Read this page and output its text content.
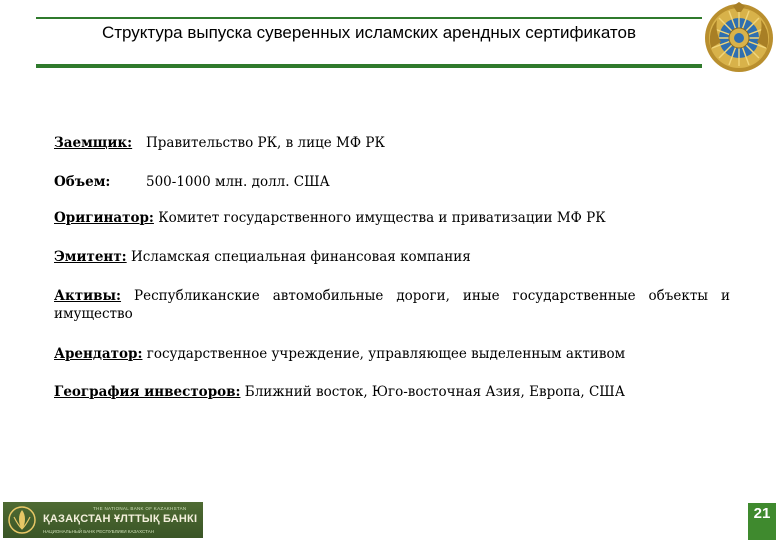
Структура выпуска суверенных исламских арендных сертификатов
Заемщик: Правительство РК, в лице МФ РК
Объем:	500-1000 млн. долл. США
Оригинатор: Комитет государственного имущества и приватизации МФ РК
Эмитент: Исламская специальная финансовая компания
Активы: Республиканские автомобильные дороги, иные государственные объекты и имущество
Арендатор: государственное учреждение, управляющее выделенным активом
География инвесторов: Ближний восток, Юго-восточная Азия, Европа, США
THE NATIONAL BANK OF KAZAKHSTAN
ҚАЗАҚСТАН ҰЛТТЫҚ БАНКІ
НАЦИОНАЛЬНЫЙ БАНК РЕСПУБЛИКИ КАЗАХСТАН
21
